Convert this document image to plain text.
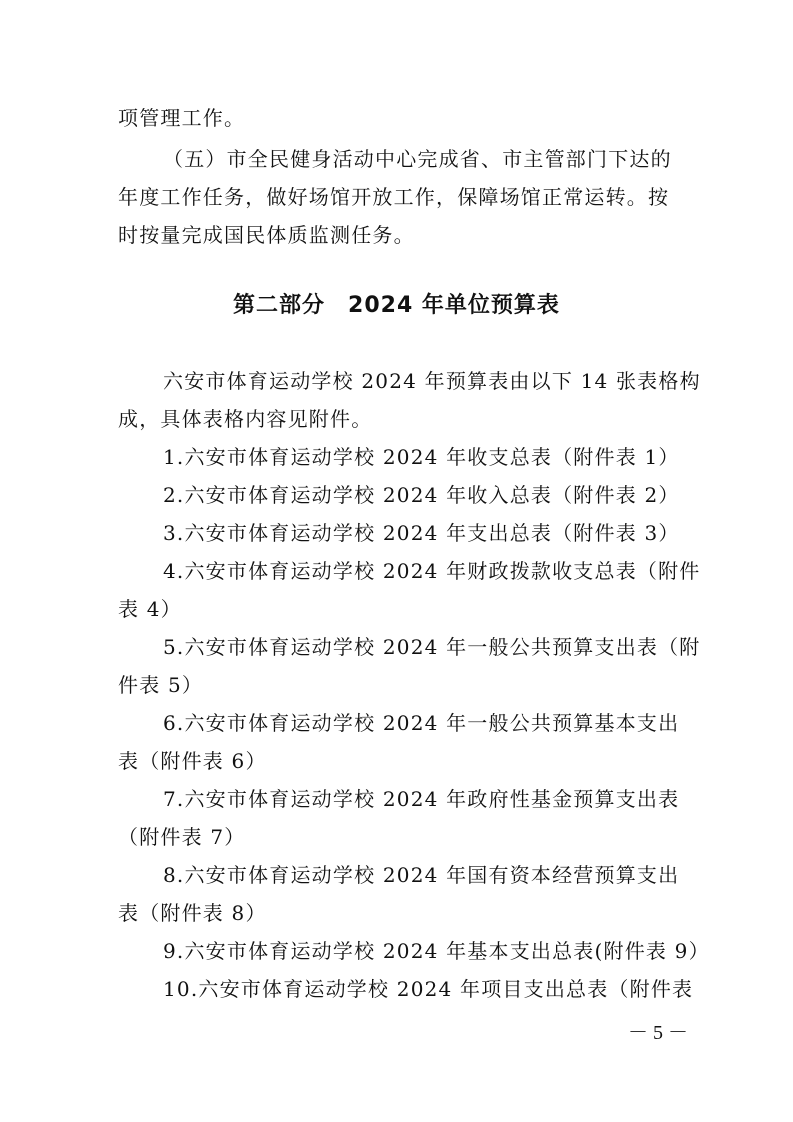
项管理工作。
（五）市全民健身活动中心完成省、市主管部门下达的
年度工作任务，做好场馆开放工作，保障场馆正常运转。按
时按量完成国民体质监测任务。
第二部分　2024 年单位预算表
六安市体育运动学校 2024 年预算表由以下 14 张表格构
成，具体表格内容见附件。
1.六安市体育运动学校 2024 年收支总表（附件表 1）
2.六安市体育运动学校 2024 年收入总表（附件表 2）
3.六安市体育运动学校 2024 年支出总表（附件表 3）
4.六安市体育运动学校 2024 年财政拨款收支总表（附件
表 4）
5.六安市体育运动学校 2024 年一般公共预算支出表（附
件表 5）
6.六安市体育运动学校 2024 年一般公共预算基本支出
表（附件表 6）
7.六安市体育运动学校 2024 年政府性基金预算支出表
（附件表 7）
8.六安市体育运动学校 2024 年国有资本经营预算支出
表（附件表 8）
9.六安市体育运动学校 2024 年基本支出总表(附件表 9）
10.六安市体育运动学校 2024 年项目支出总表（附件表
－ 5 －
